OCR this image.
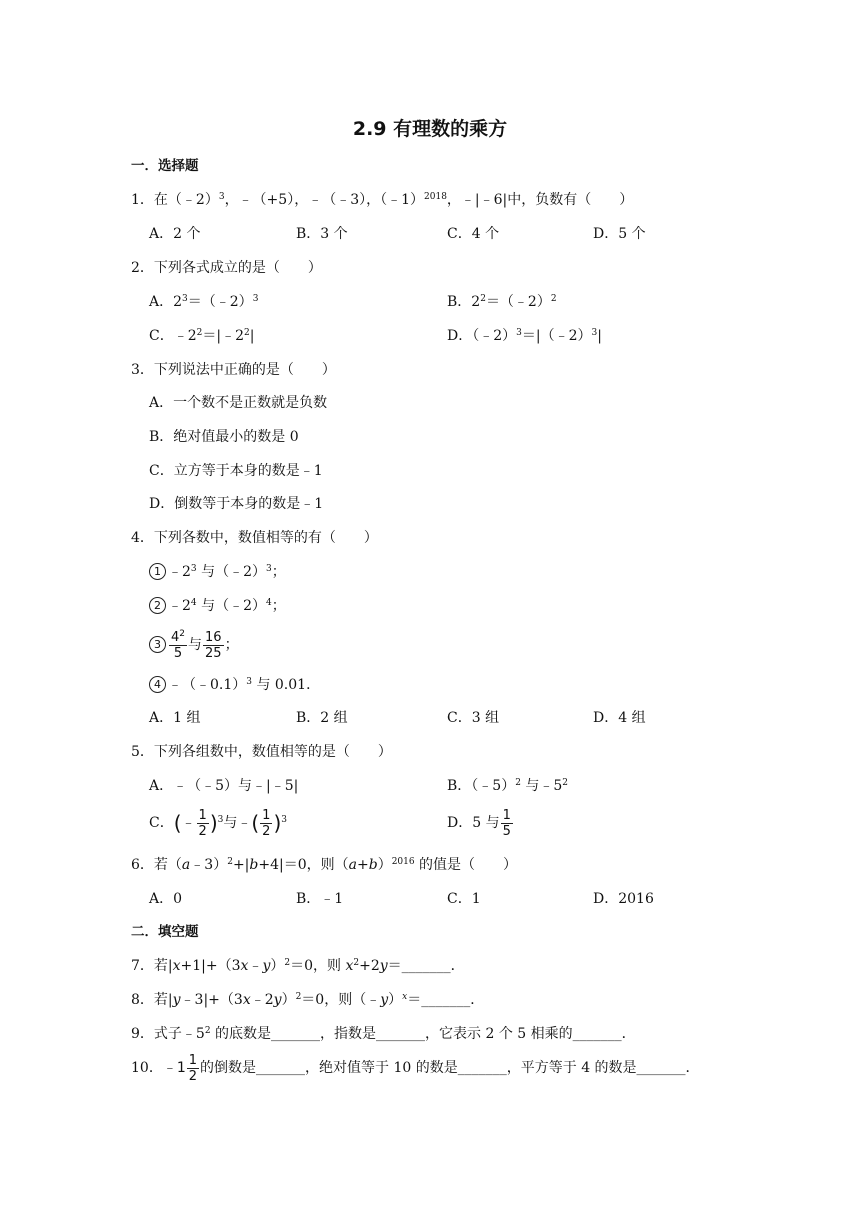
2.9 有理数的乘方
一．选择题
1．在（﹣2）$^3$，﹣（+5），﹣（﹣3），（﹣1）$^{2018}$，﹣|﹣6|中，负数有（　　）
A．2 个	B．3 个	C．4 个	D．5 个
2．下列各式成立的是（　　）
A．$2^3=(﹣2)^3$	B．$2^2=(﹣2)^2$
C．$﹣2^2=|﹣2^2|$	D．（﹣2）$^3$＝|（﹣2）$^3$|
3．下列说法中正确的是（　　）
A．一个数不是正数就是负数
B．绝对值最小的数是 0
C．立方等于本身的数是﹣1
D．倒数等于本身的数是﹣1
4．下列各数中，数值相等的有（　　）
1 $﹣2^3$ 与（﹣2）$^3$；
2 $﹣2^4$ 与（﹣2）$^4$；
$3 \frac{4^2}{5}$ 与 $\frac{16}{25}$ ；
4 ﹣（﹣0.1）$^3$ 与 0.01．
A．1 组	B．2 组	C．3 组	D．4 组
5．下列各组数中，数值相等的是（　　）
A．﹣（﹣5）与﹣|﹣5|	B．（﹣5）$^2$ 与$﹣5^2$
C．(﹣ $\frac{1}{2} )^3$与﹣( $\frac{1}{2} )^3$	D．5 与 $\frac{1}{5}$
6．若（a﹣3）$^2$+|b+4|＝0，则$(a+b)^{2016}$ 的值是（　　）
A．0	B．﹣1	C．1	D．2016
二．填空题
7．若|x+1|+（3x﹣y）$^2$＝0，则 $x^2+2y=\_\_\_\_\_\_\_$．
8．若|y﹣3|+（3x﹣2y）$^2$＝0，则（﹣y）$^x$＝_______．
9．式子$﹣5^2$ 的底数是_______，指数是_______，它表示 2 个 5 相乘的_______．
10．﹣1 $\frac{1}{2}$ 的倒数是_______，绝对值等于 10 的数是_______，平方等于 4 的数是_______．
